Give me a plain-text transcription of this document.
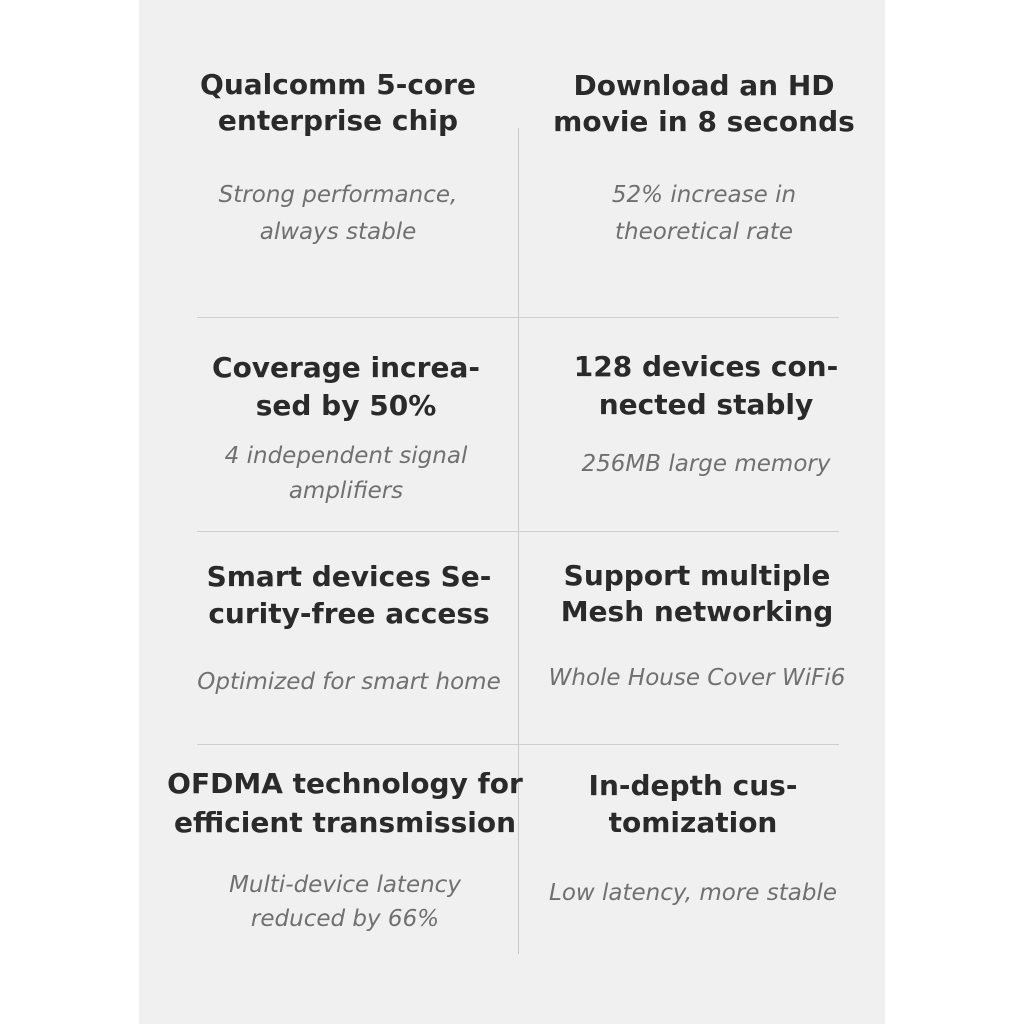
Qualcomm 5-core

enterprise chip

Strong performance,

always stable

Download an HD

movie in 8 seconds

52% increase in

theoretical rate

Coverage increa-

sed by 50%

4 independent signal

amplifiers

128 devices con-

nected stably

256MB large memory

Smart devices Se-

curity-free access

Optimized for smart home

Support multiple

Mesh networking

Whole House Cover WiFi6

OFDMA technology for

efficient transmission

Multi-device latency

reduced by 66%

In-depth cus-

tomization

Low latency, more stable
